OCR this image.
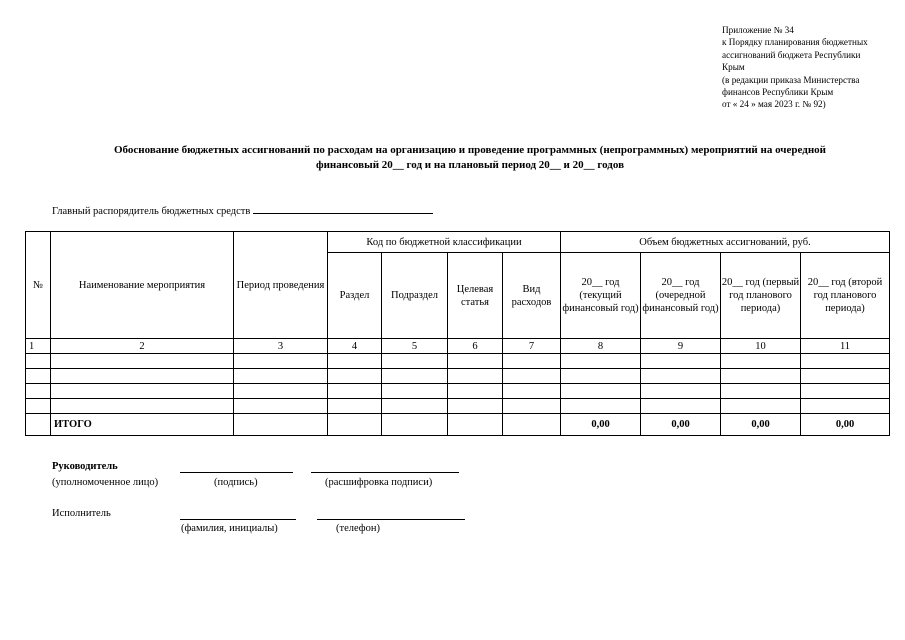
Приложение № 34
к Порядку планирования бюджетных
ассигнований бюджета Республики
Крым
(в редакции приказа Министерства
финансов Республики Крым
от « 24 » мая 2023 г. № 92)
Обоснование бюджетных ассигнований по расходам на организацию и проведение программных (непрограммных) мероприятий на очередной
финансовый 20__ год и на плановый период 20__ и 20__ годов
Главный распорядитель бюджетных средств
№	Наименование мероприятия	Период проведения	Код по бюджетной классификации				Объем бюджетных ассигнований, руб.			
			Раздел	Подраздел	Целевая статья	Вид расходов	20__ год (текущий финансовый год)	20__ год (очередной финансовый год)	20__ год (первый год планового периода)	20__ год (второй год планового периода)
1	2	3	4	5	6	7	8	9	10	11

	ИТОГО						0,00	0,00	0,00	0,00
Руководитель
(уполномоченное лицо)	(подпись)	(расшифровка подписи)
Исполнитель
(фамилия, инициалы)	(телефон)
